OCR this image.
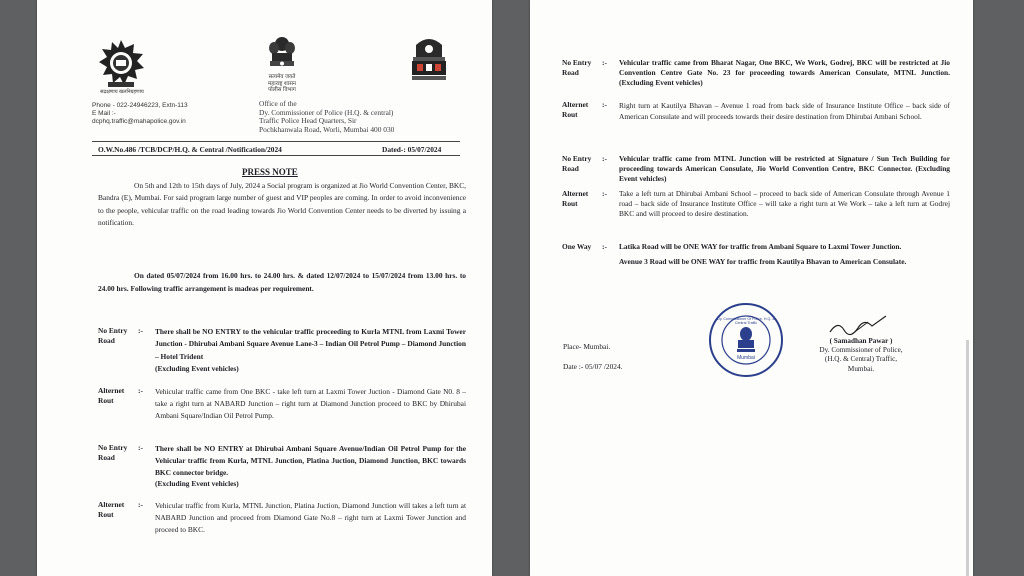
सद्रक्षणाय खलनिग्रहणाय
सत्यमेव जयते
महाराष्ट्र शासन
पोलीस विभाग
Phone - 022-24946223, Extn-113
E Mail :-
dcphq.traffic@mahapolice.gov.in
Office of the
Dy. Commissioner of Police (H.Q. & central)
Traffic Police Head Quarters, Sir
Pochkhanwala Road, Worli, Mumbai 400 030
O.W.No.486 /TCB/DCP/H.Q. & Central /Notification/2024	Dated-: 05/07/2024
PRESS NOTE
On 5th and 12th to 15th days of July, 2024 a Social program is organized at Jio World Convention Center, BKC, Bandra (E), Mumbai. For said program large number of guest and VIP peoples are coming. In order to avoid inconvenience to the people, vehicular traffic on the road leading towards Jio World Convention Center needs to be diverted by issuing a notification.
On dated 05/07/2024 from 16.00 hrs. to 24.00 hrs. & dated 12/07/2024 to 15/07/2024 from 13.00 hrs. to 24.00 hrs. Following traffic arrangement is madeas per requirement.
No Entry Road
:-	There shall be NO ENTRY to the vehicular traffic proceeding to Kurla MTNL from Laxmi Tower Junction - Dhirubai Ambani Square Avenue Lane-3 – Indian Oil Petrol Pump – Diamond Junction – Hotel Trident
(Excluding Event vehicles)
Alternet Rout
:-	Vehicular traffic came from One BKC - take left turn at Laxmi Tower Juction - Diamond Gate N0. 8 – take a right turn at NABARD Junction – right turn at Diamond Junction proceed to BKC by Dhirubai Ambani Square/Indian Oil Petrol Pump.
No Entry Road
:-	There shall be NO ENTRY at Dhirubai Ambani Square Avenue/Indian Oil Petrol Pump for the Vehicular traffic from Kurla, MTNL Junction, Platina Juction, Diamond Junction, BKC towards BKC connector bridge.
(Excluding Event vehicles)
Alternet Rout
:-	Vehicular traffic from Kurla, MTNL Junction, Platina Juction, Diamond Junction will takes a left turn at NABARD Junction and proceed from Diamond Gate No.8 – right turn at Laxmi Tower Junction and proceed to BKC.
No Entry Road
:-	Vehicular traffic came from Bharat Nagar, One BKC, We Work, Godrej, BKC will be restricted at Jio Convention Centre Gate No. 23 for proceeding towards American Consulate, MTNL Junction. (Excluding Event vehicles)
Alternet Rout
:-	Right turn at Kautilya Bhavan – Avenue 1 road from back side of Insurance Institute Office – back side of American Consulate and will proceeds towards their desire destination from Dhirubai Ambani School.
No Entry Road
:-	Vehicular traffic came from MTNL Junction will be restricted at Signature / Sun Tech Building for proceeding towards American Consulate, Jio World Convention Centre, BKC Connector. (Excluding Event vehicles)
Alternet Rout
:-	Take a left turn at Dhirubai Ambani School – proceed to back side of American Consulate through Avenue 1 road – back side of Insurance Institute Office – will take a right turn at We Work – take a left turn at Godrej BKC and will proceed to desire destination.
One Way	:-	Latika Road will be ONE WAY for traffic from Ambani Square to Laxmi Tower Junction.
Avenue 3 Road will be ONE WAY for traffic from Kautilya Bhavan to American Consulate.
Mumbai
Dy. Commissioner Of Police, H.Q. & Central Traffic
Place- Mumbai.
Date :- 05/07 /2024.
( Samadhan Pawar )
Dy. Commissioner of Police,
(H.Q. & Central) Traffic,
Mumbai.
